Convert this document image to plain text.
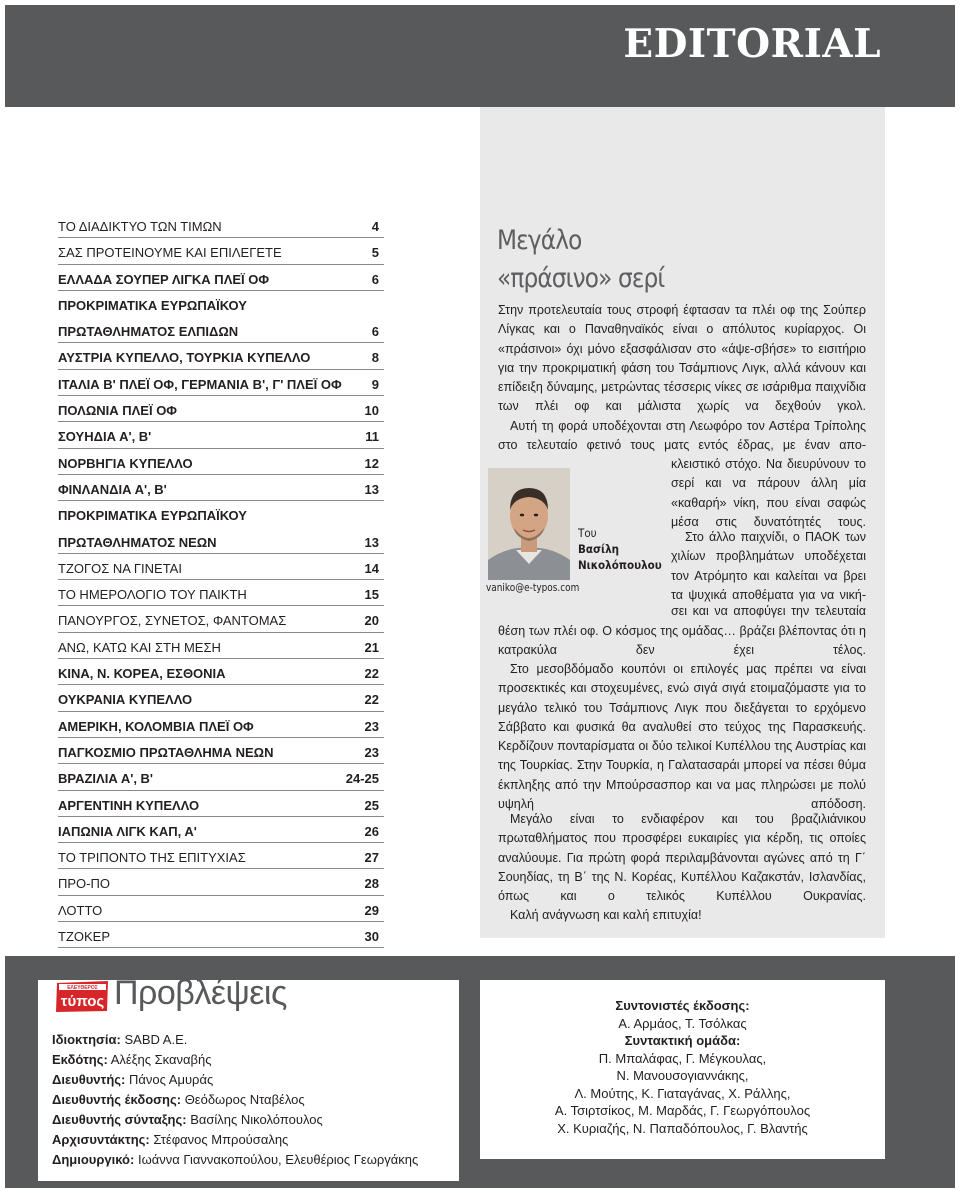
EDITORIAL
ΤΟ ΔΙΑΔΙΚΤΥΟ ΤΩΝ ΤΙΜΩΝ	4
ΣΑΣ ΠΡΟΤΕΙΝΟΥΜΕ ΚΑΙ ΕΠΙΛΕΓΕΤΕ	5
ΕΛΛΑΔΑ ΣΟΥΠΕΡ ΛΙΓΚΑ ΠΛΕΪ ΟΦ	6
ΠΡΟΚΡΙΜΑΤΙΚΑ ΕΥΡΩΠΑΪΚΟΥ
ΠΡΩΤΑΘΛΗΜΑΤΟΣ ΕΛΠΙΔΩΝ	6
ΑΥΣΤΡΙΑ ΚΥΠΕΛΛΟ, ΤΟΥΡΚΙΑ ΚΥΠΕΛΛΟ	8
ΙΤΑΛΙΑ Β' ΠΛΕΪ ΟΦ, ΓΕΡΜΑΝΙΑ Β', Γ' ΠΛΕΪ ΟΦ 9
ΠΟΛΩΝΙΑ ΠΛΕΪ ΟΦ	10
ΣΟΥΗΔΙΑ Α', Β'	11
ΝΟΡΒΗΓΙΑ ΚΥΠΕΛΛΟ	12
ΦΙΝΛΑΝΔΙΑ Α', Β'	13
ΠΡΟΚΡΙΜΑΤΙΚΑ ΕΥΡΩΠΑΪΚΟΥ
ΠΡΩΤΑΘΛΗΜΑΤΟΣ ΝΕΩΝ	13
ΤΖΟΓΟΣ ΝΑ ΓΙΝΕΤΑΙ	14
ΤΟ ΗΜΕΡΟΛΟΓΙΟ ΤΟΥ ΠΑΙΚΤΗ	15
ΠΑΝΟΥΡΓΟΣ, ΣΥΝΕΤΟΣ, ΦΑΝΤΟΜΑΣ	20
ΑΝΩ, ΚΑΤΩ ΚΑΙ ΣΤΗ ΜΕΣΗ	21
ΚΙΝΑ, Ν. ΚΟΡΕΑ, ΕΣΘΟΝΙΑ	22
ΟΥΚΡΑΝΙΑ ΚΥΠΕΛΛΟ	22
ΑΜΕΡΙΚΗ, ΚΟΛΟΜΒΙΑ ΠΛΕΪ ΟΦ	23
ΠΑΓΚΟΣΜΙΟ ΠΡΩΤΑΘΛΗΜΑ ΝΕΩΝ	23
ΒΡΑΖΙΛΙΑ Α', Β'	24-25
ΑΡΓΕΝΤΙΝΗ ΚΥΠΕΛΛΟ	25
ΙΑΠΩΝΙΑ ΛΙΓΚ ΚΑΠ, Α'	26
ΤΟ ΤΡΙΠΟΝΤΟ ΤΗΣ ΕΠΙΤΥΧΙΑΣ	27
ΠΡΟ-ΠΟ	28
ΛΟΤΤΟ	29
ΤΖΟΚΕΡ	30
Μεγάλο
«πράσινο» σερί

Στην προτελευταία τους στροφή έφτασαν τα πλέι οφ της Σούπερ Λίγκας και ο Παναθηναϊκός είναι ο απόλυτος κυρίαρχος. Οι «πράσινοι» όχι μόνο εξασφάλισαν στο «άψε-σβήσε» το εισιτήριο για την προκριματική φάση του Τσάμπιονς Λιγκ, αλλά κάνουν και επίδειξη δύναμης, μετρώντας τέσσερις νίκες σε ισάριθμα παιχνίδια των πλέι οφ και μάλιστα χωρίς να δεχθούν γκολ.

Αυτή τη φορά υποδέχονται στη Λεωφόρο τον Αστέρα Τρίπολης στο τελευταίο φετινό τους ματς εντός έδρας, με έναν απο-

κλειστικό στόχο. Να διευρύνουν το σερί και να πάρουν άλλη μία «καθαρή» νίκη, που είναι σαφώς μέσα στις δυνατότητές τους.

Στο άλλο παιχνίδι, ο ΠΑΟΚ των χιλίων προβλημάτων υποδέχεται τον Ατρόμητο και καλείται να βρει τα ψυχικά αποθέματα για να νική-

σει και να αποφύγει την τελευταία

θέση των πλέι οφ. Ο κόσμος της ομάδας… βράζει βλέποντας ότι η κατρακύλα δεν έχει τέλος.

Στο μεσοβδόμαδο κουπόνι οι επιλογές μας πρέπει να είναι προσεκτικές και στοχευμένες, ενώ σιγά σιγά ετοιμαζόμαστε για το μεγάλο τελικό του Τσάμπιονς Λιγκ που διεξάγεται το ερχόμενο Σάββατο και φυσικά θα αναλυθεί στο τεύχος της Παρασκευής. Κερδίζουν πονταρίσματα οι δύο τελικοί Κυπέλλου της Αυστρίας και της Τουρκίας. Στην Τουρκία, η Γαλατασαράι μπορεί να πέσει θύμα έκπληξης από την Μπούρσασπορ και να μας πληρώσει με πολύ υψηλή απόδοση.

Μεγάλο είναι το ενδιαφέρον και του βραζιλιάνικου πρωταθλήματος που προσφέρει ευκαιρίες για κέρδη, τις οποίες αναλύουμε. Για πρώτη φορά περιλαμβάνονται αγώνες από τη Γ΄ Σουηδίας, τη Β΄ της Ν. Κορέας, Κυπέλλου Καζακστάν, Ισλανδίας, όπως και ο τελικός Κυπέλλου Ουκρανίας.

Καλή ανάγνωση και καλή επιτυχία!

Του
Βασίλη
Νικολόπουλου
vaniko@e-typos.com
ΕΛΕΥΘΕΡΟΣ
τύπος Προβλέψεις
Ιδιοκτησία: SABD A.E.
Εκδότης: Αλέξης Σκαναβής
Διευθυντής: Πάνος Αμυράς
Διευθυντής έκδοσης: Θεόδωρος Νταβέλος
Διευθυντής σύνταξης: Βασίλης Νικολόπουλος
Αρχισυντάκτης: Στέφανος Μπρούσαλης
Δημιουργικό: Ιωάννα Γιαννακοπούλου, Ελευθέριος Γεωργάκης
Συντονιστές έκδοσης:
Α. Αρμάος, Τ. Τσόλκας
Συντακτική ομάδα:
Π. Μπαλάφας, Γ. Μέγκουλας,
Ν. Μανουσογιαννάκης,
Λ. Μούτης, Κ. Γιαταγάνας, Χ. Ράλλης,
Α. Τσιρτσίκος, Μ. Μαρδάς, Γ. Γεωργόπουλος
Χ. Κυριαζής, Ν. Παπαδόπουλος, Γ. Βλαντής
